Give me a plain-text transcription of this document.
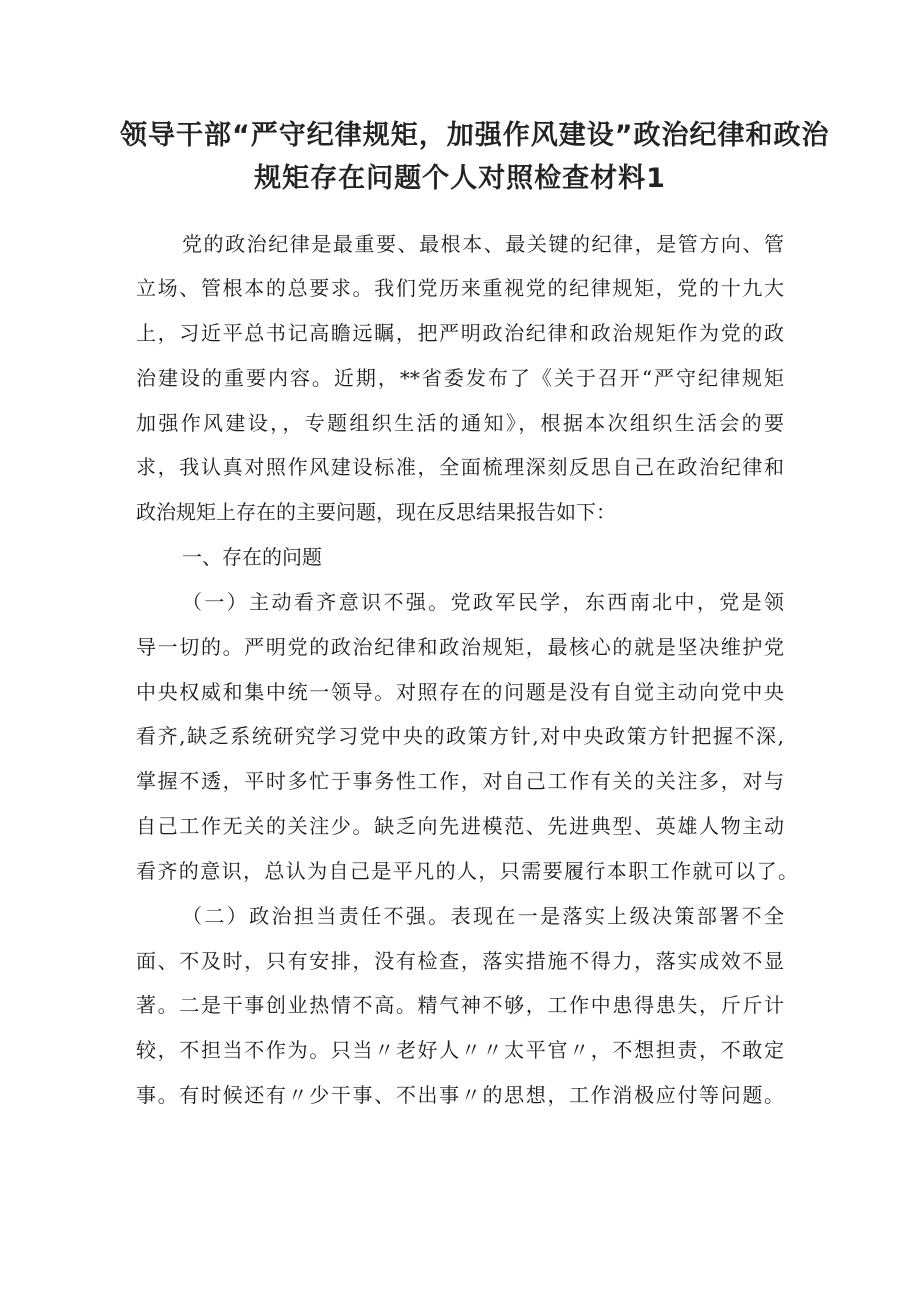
领导干部“严守纪律规矩，加强作风建设”政治纪律和政治
规矩存在问题个人对照检查材料1
党的政治纪律是最重要、最根本、最关键的纪律，是管方向、管
立场、管根本的总要求。我们党历来重视党的纪律规矩，党的十九大
上，习近平总书记高瞻远瞩，把严明政治纪律和政治规矩作为党的政
治建设的重要内容。近期，**省委发布了《关于召开“严守纪律规矩
加强作风建设，，专题组织生活的通知》，根据本次组织生活会的要
求，我认真对照作风建设标准，全面梳理深刻反思自己在政治纪律和
政治规矩上存在的主要问题，现在反思结果报告如下：
一、存在的问题
（一）主动看齐意识不强。党政军民学，东西南北中，党是领
导一切的。严明党的政治纪律和政治规矩，最核心的就是坚决维护党
中央权威和集中统一领导。对照存在的问题是没有自觉主动向党中央
看齐,缺乏系统研究学习党中央的政策方针,对中央政策方针把握不深,
掌握不透，平时多忙于事务性工作，对自己工作有关的关注多，对与
自己工作无关的关注少。缺乏向先进模范、先进典型、英雄人物主动
看齐的意识，总认为自己是平凡的人，只需要履行本职工作就可以了。
（二）政治担当责任不强。表现在一是落实上级决策部署不全
面、不及时，只有安排，没有检查，落实措施不得力，落实成效不显
著。二是干事创业热情不高。精气神不够，工作中患得患失，斤斤计
较，不担当不作为。只当〃老好人〃〃太平官〃，不想担责，不敢定
事。有时候还有〃少干事、不出事〃的思想，工作消极应付等问题。
